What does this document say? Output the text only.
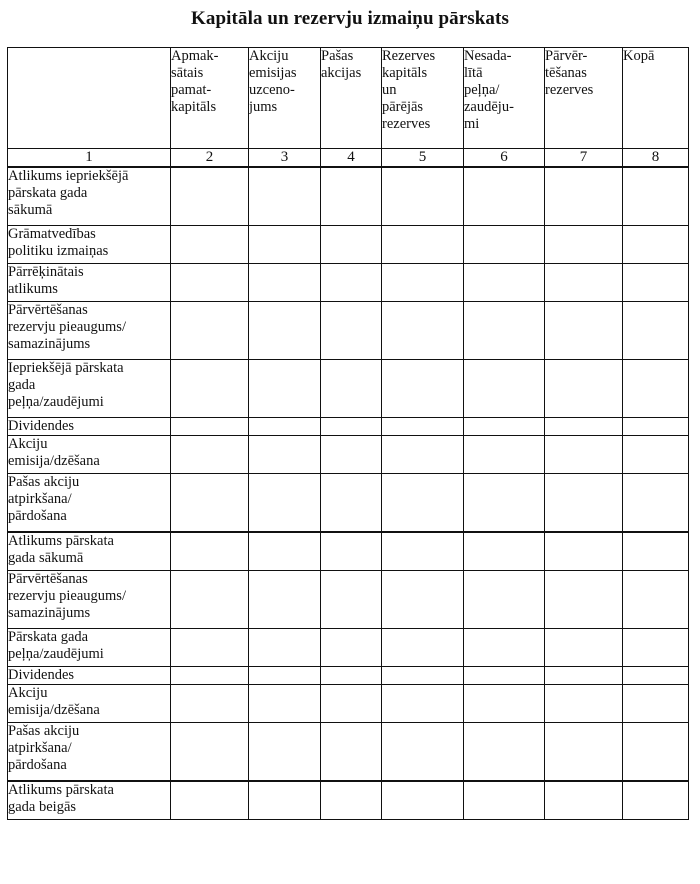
Kapitāla un rezervju izmaiņu pārskats

	Apmak-
sātais
pamat-
kapitāls	Akciju
emisijas
uzceno-
jums	Pašas
akcijas	Rezerves
kapitāls
un
pārējās
rezerves	Nesada-
lītā
peļņa/
zaudēju-
mi	Pārvēr-
tēšanas
rezerves	Kopā

1	2	3	4	5	6	7	8

Atlikums iepriekšējā
pārskata gada
sākumā							

Grāmatvedības
politiku izmaiņas							

Pārrēķinātais
atlikums							

Pārvērtēšanas
rezervju pieaugums/
samazinājums							

Iepriekšējā pārskata
gada
peļņa/zaudējumi							

Dividendes							

Akciju
emisija/dzēšana							

Pašas akciju
atpirkšana/
pārdošana							

Atlikums pārskata
gada sākumā							

Pārvērtēšanas
rezervju pieaugums/
samazinājums							

Pārskata gada
peļņa/zaudējumi							

Dividendes							

Akciju
emisija/dzēšana							

Pašas akciju
atpirkšana/
pārdošana							

Atlikums pārskata
gada beigās							
